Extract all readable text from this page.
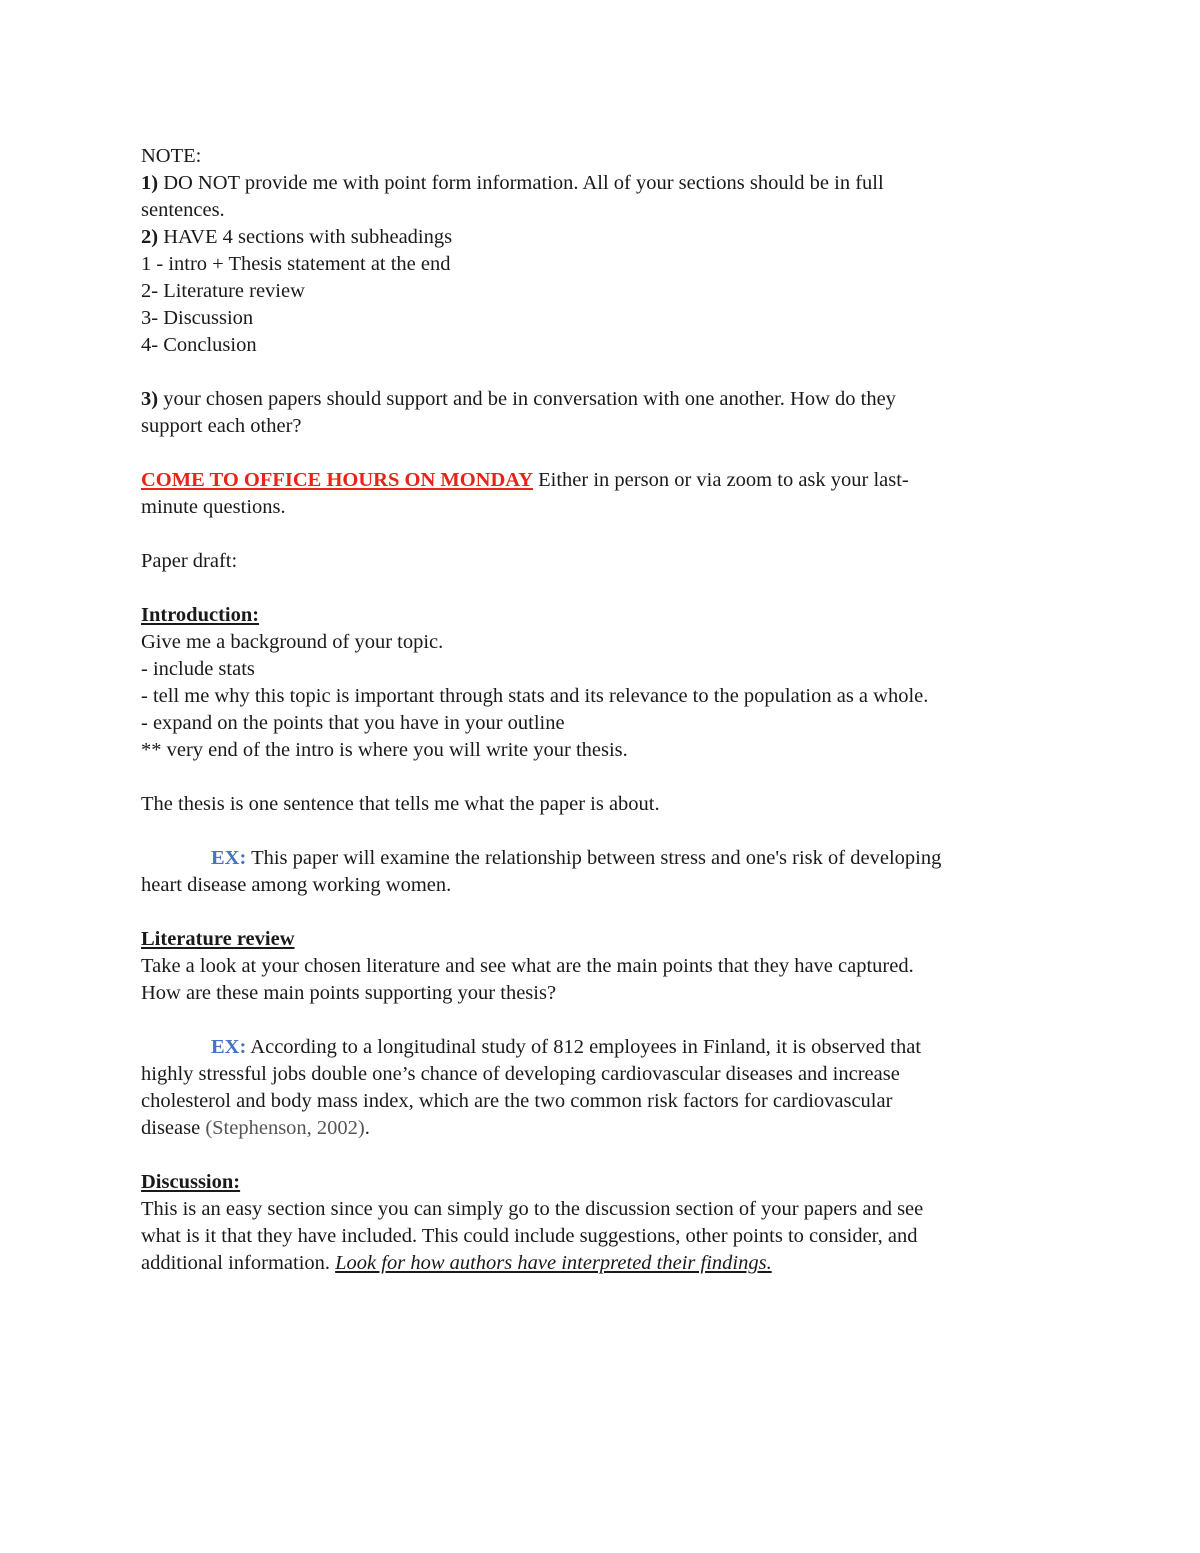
NOTE:
1) DO NOT provide me with point form information. All of your sections should be in full
sentences.
2) HAVE 4 sections with subheadings
1 - intro + Thesis statement at the end
2- Literature review
3- Discussion
4- Conclusion
3) your chosen papers should support and be in conversation with one another. How do they
support each other?
COME TO OFFICE HOURS ON MONDAY Either in person or via zoom to ask your last-
minute questions.
Paper draft:
Introduction:
Give me a background of your topic.
- include stats
- tell me why this topic is important through stats and its relevance to the population as a whole.
- expand on the points that you have in your outline
** very end of the intro is where you will write your thesis.
The thesis is one sentence that tells me what the paper is about.
EX: This paper will examine the relationship between stress and one's risk of developing
heart disease among working women.
Literature review
Take a look at your chosen literature and see what are the main points that they have captured.
How are these main points supporting your thesis?
EX: According to a longitudinal study of 812 employees in Finland, it is observed that
highly stressful jobs double one’s chance of developing cardiovascular diseases and increase
cholesterol and body mass index, which are the two common risk factors for cardiovascular
disease (Stephenson, 2002).
Discussion:
This is an easy section since you can simply go to the discussion section of your papers and see
what is it that they have included. This could include suggestions, other points to consider, and
additional information. Look for how authors have interpreted their findings.
